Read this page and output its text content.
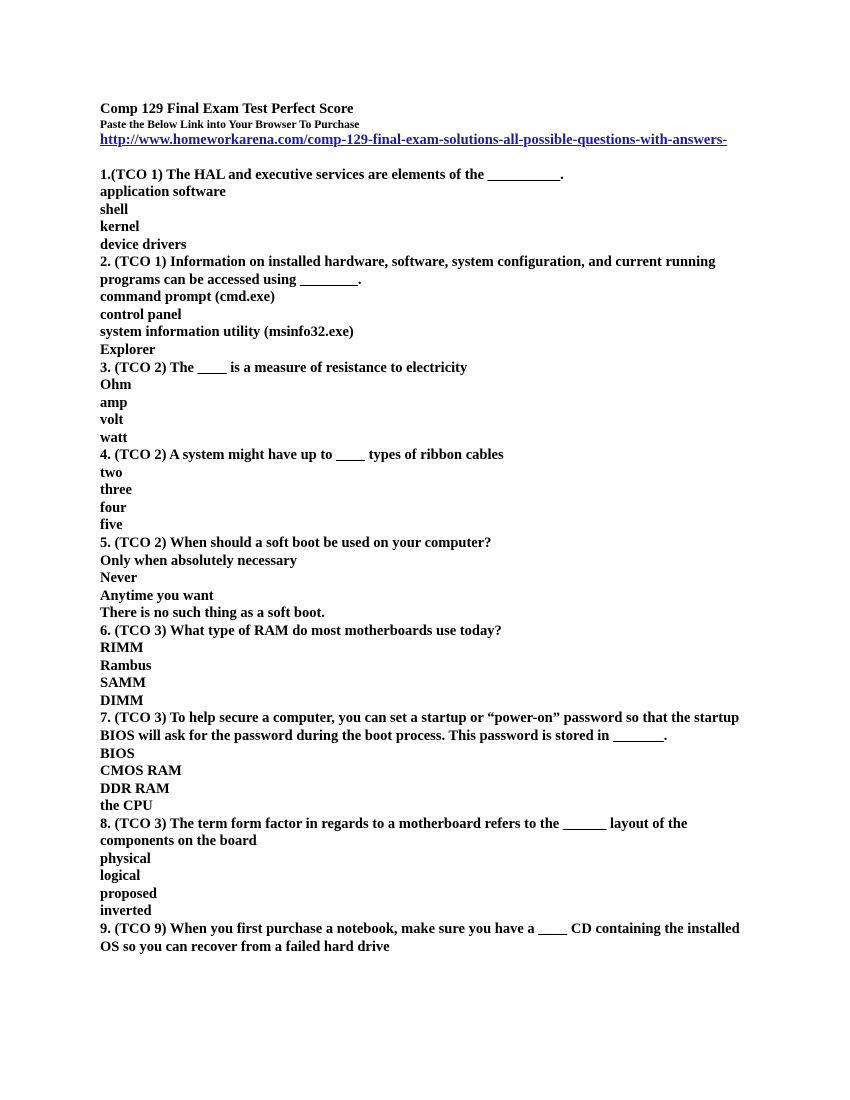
Comp 129 Final Exam Test Perfect Score
Paste the Below Link into Your Browser To Purchase
http://www.homeworkarena.com/comp-129-final-exam-solutions-all-possible-questions-with-answers-

1.(TCO 1) The HAL and executive services are elements of the __________.

application software

shell

kernel

device drivers

2. (TCO 1) Information on installed hardware, software, system configuration, and current running programs can be accessed using ________.

command prompt (cmd.exe)

control panel

system information utility (msinfo32.exe)

Explorer

3. (TCO 2) The ____ is a measure of resistance to electricity

Ohm

amp

volt

watt

4. (TCO 2) A system might have up to ____ types of ribbon cables

two

three

four

five

5. (TCO 2) When should a soft boot be used on your computer?

Only when absolutely necessary

Never

Anytime you want

There is no such thing as a soft boot.

6. (TCO 3) What type of RAM do most motherboards use today?

RIMM

Rambus

SAMM

DIMM

7. (TCO 3) To help secure a computer, you can set a startup or “power-on” password so that the startup BIOS will ask for the password during the boot process. This password is stored in _______.

BIOS

CMOS RAM

DDR RAM

the CPU

8. (TCO 3) The term form factor in regards to a motherboard refers to the ______ layout of the components on the board

physical

logical

proposed

inverted

9. (TCO 9) When you first purchase a notebook, make sure you have a ____ CD containing the installed OS so you can recover from a failed hard drive
